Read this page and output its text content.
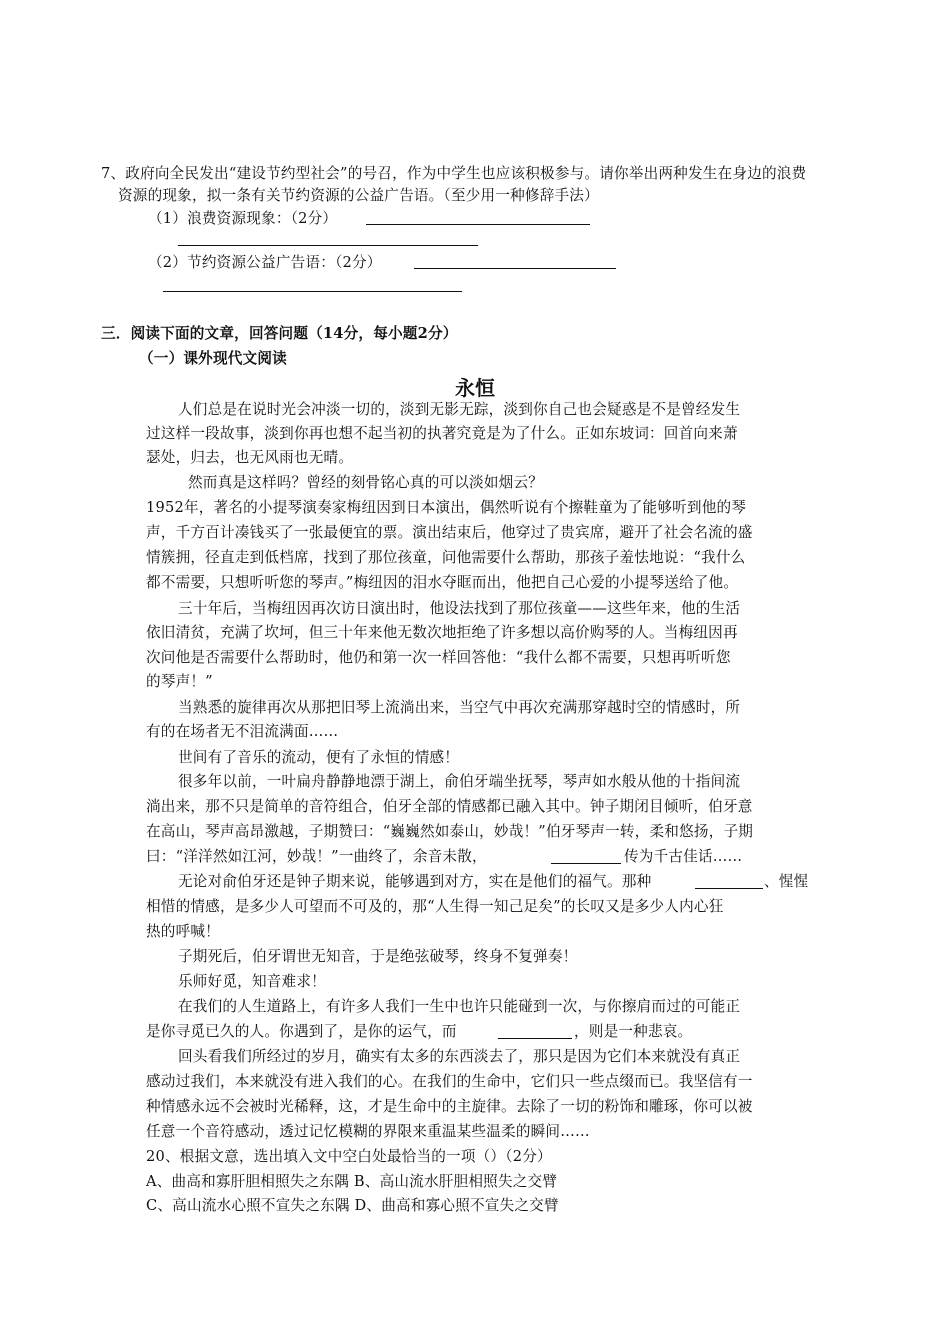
7、政府向全民发出“建设节约型社会”的号召，作为中学生也应该积极参与。请你举出两种发生在身边的浪费
资源的现象，拟一条有关节约资源的公益广告语。（至少用一种修辞手法）
（1）浪费资源现象：（2分）
（2）节约资源公益广告语：（2分）
三．阅读下面的文章，回答问题（14分，每小题2分）
（一）课外现代文阅读
永恒
人们总是在说时光会冲淡一切的，淡到无影无踪，淡到你自己也会疑惑是不是曾经发生
过这样一段故事，淡到你再也想不起当初的执著究竟是为了什么。正如东坡词：回首向来萧
瑟处，归去，也无风雨也无晴。
然而真是这样吗？曾经的刻骨铭心真的可以淡如烟云？
1952年，著名的小提琴演奏家梅纽因到日本演出，偶然听说有个擦鞋童为了能够听到他的琴
声，千方百计凑钱买了一张最便宜的票。演出结束后，他穿过了贵宾席，避开了社会名流的盛
情簇拥，径直走到低档席，找到了那位孩童，问他需要什么帮助，那孩子羞怯地说：“我什么
都不需要，只想听听您的琴声。”梅纽因的泪水夺眶而出，他把自己心爱的小提琴送给了他。
三十年后，当梅纽因再次访日演出时，他设法找到了那位孩童——这些年来，他的生活
依旧清贫，充满了坎坷，但三十年来他无数次地拒绝了许多想以高价购琴的人。当梅纽因再
次问他是否需要什么帮助时，他仍和第一次一样回答他：“我什么都不需要，只想再听听您
的琴声！”
当熟悉的旋律再次从那把旧琴上流淌出来，当空气中再次充满那穿越时空的情感时，所
有的在场者无不泪流满面……
世间有了音乐的流动，便有了永恒的情感！
很多年以前，一叶扁舟静静地漂于湖上，俞伯牙端坐抚琴，琴声如水般从他的十指间流
淌出来，那不只是简单的音符组合，伯牙全部的情感都已融入其中。钟子期闭目倾听，伯牙意
在高山，琴声高昂激越，子期赞曰：“巍巍然如泰山，妙哉！”伯牙琴声一转，柔和悠扬，子期
曰：“洋洋然如江河，妙哉！”一曲终了，余音未散，	传为千古佳话……
无论对俞伯牙还是钟子期来说，能够遇到对方，实在是他们的福气。那种	、惺惺
相惜的情感，是多少人可望而不可及的，那“人生得一知己足矣”的长叹又是多少人内心狂
热的呼喊！
子期死后，伯牙谓世无知音，于是绝弦破琴，终身不复弹奏！
乐师好觅，知音难求！
在我们的人生道路上，有许多人我们一生中也许只能碰到一次，与你擦肩而过的可能正
是你寻觅已久的人。你遇到了，是你的运气，而	，则是一种悲哀。
回头看我们所经过的岁月，确实有太多的东西淡去了，那只是因为它们本来就没有真正
感动过我们，本来就没有进入我们的心。在我们的生命中，它们只一些点缀而已。我坚信有一
种情感永远不会被时光稀释，这，才是生命中的主旋律。去除了一切的粉饰和雕琢，你可以被
任意一个音符感动，透过记忆模糊的界限来重温某些温柔的瞬间……
20、根据文意，选出填入文中空白处最恰当的一项（）（2分）
A、曲高和寡肝胆相照失之东隅 B、高山流水肝胆相照失之交臂
C、高山流水心照不宣失之东隅 D、曲高和寡心照不宣失之交臂
